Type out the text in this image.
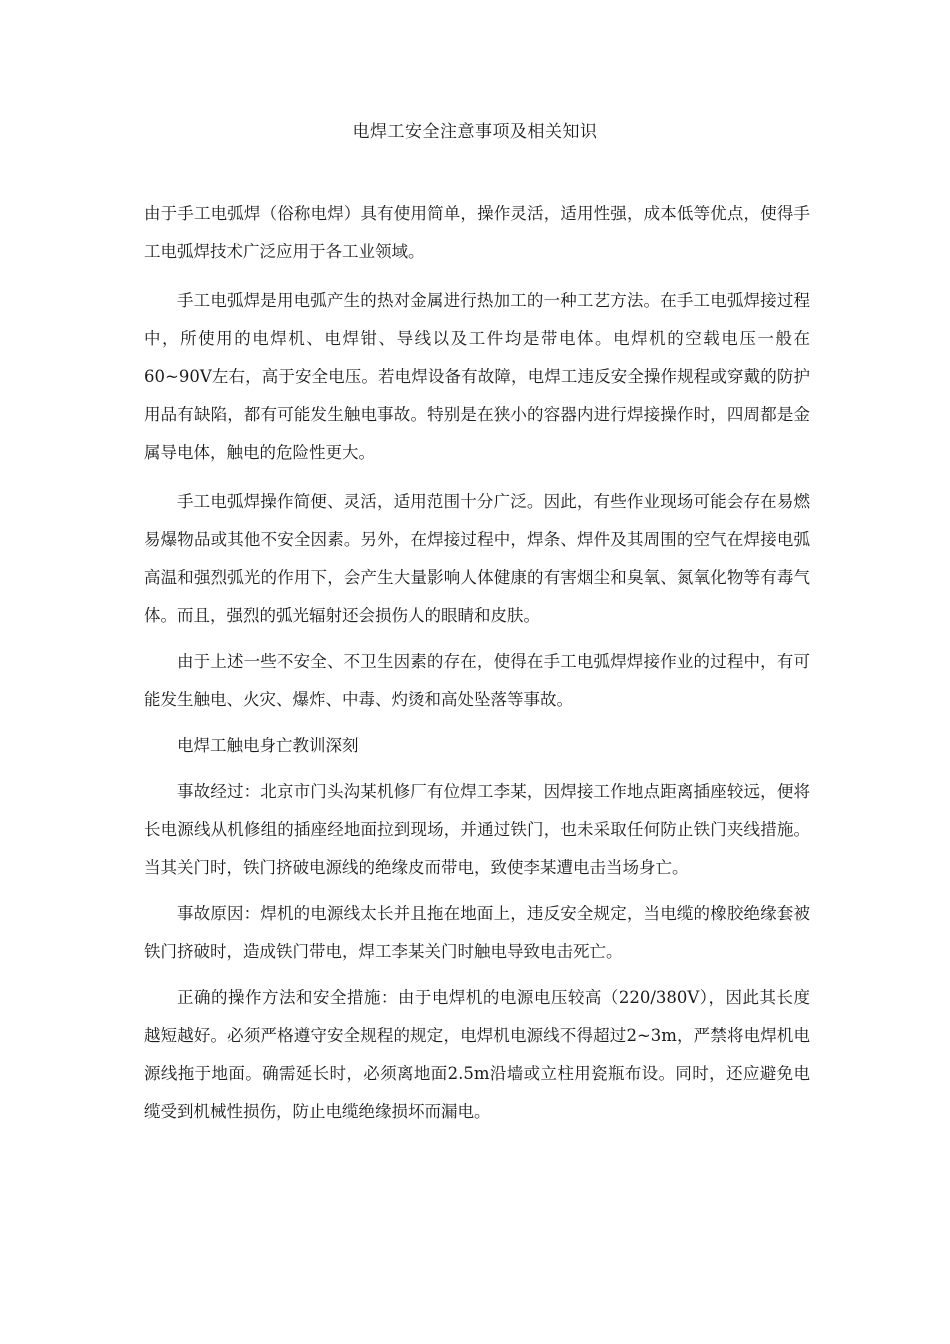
电焊工安全注意事项及相关知识

由于手工电弧焊（俗称电焊）具有使用简单，操作灵活，适用性强，成本低等优点，使得手工电弧焊技术广泛应用于各工业领域。

手工电弧焊是用电弧产生的热对金属进行热加工的一种工艺方法。在手工电弧焊接过程中，所使用的电焊机、电焊钳、导线以及工件均是带电体。电焊机的空载电压一般在60~90V左右，高于安全电压。若电焊设备有故障，电焊工违反安全操作规程或穿戴的防护用品有缺陷，都有可能发生触电事故。特别是在狭小的容器内进行焊接操作时，四周都是金属导电体，触电的危险性更大。

手工电弧焊操作简便、灵活，适用范围十分广泛。因此，有些作业现场可能会存在易燃易爆物品或其他不安全因素。另外，在焊接过程中，焊条、焊件及其周围的空气在焊接电弧高温和强烈弧光的作用下，会产生大量影响人体健康的有害烟尘和臭氧、氮氧化物等有毒气体。而且，强烈的弧光辐射还会损伤人的眼睛和皮肤。

由于上述一些不安全、不卫生因素的存在，使得在手工电弧焊焊接作业的过程中，有可能发生触电、火灾、爆炸、中毒、灼烫和高处坠落等事故。

电焊工触电身亡教训深刻

事故经过：北京市门头沟某机修厂有位焊工李某，因焊接工作地点距离插座较远，便将长电源线从机修组的插座经地面拉到现场，并通过铁门，也未采取任何防止铁门夹线措施。当其关门时，铁门挤破电源线的绝缘皮而带电，致使李某遭电击当场身亡。

事故原因：焊机的电源线太长并且拖在地面上，违反安全规定，当电缆的橡胶绝缘套被铁门挤破时，造成铁门带电，焊工李某关门时触电导致电击死亡。

正确的操作方法和安全措施：由于电焊机的电源电压较高（220/380V），因此其长度越短越好。必须严格遵守安全规程的规定，电焊机电源线不得超过2~3m，严禁将电焊机电源线拖于地面。确需延长时，必须离地面2.5m沿墙或立柱用瓷瓶布设。同时，还应避免电缆受到机械性损伤，防止电缆绝缘损坏而漏电。
